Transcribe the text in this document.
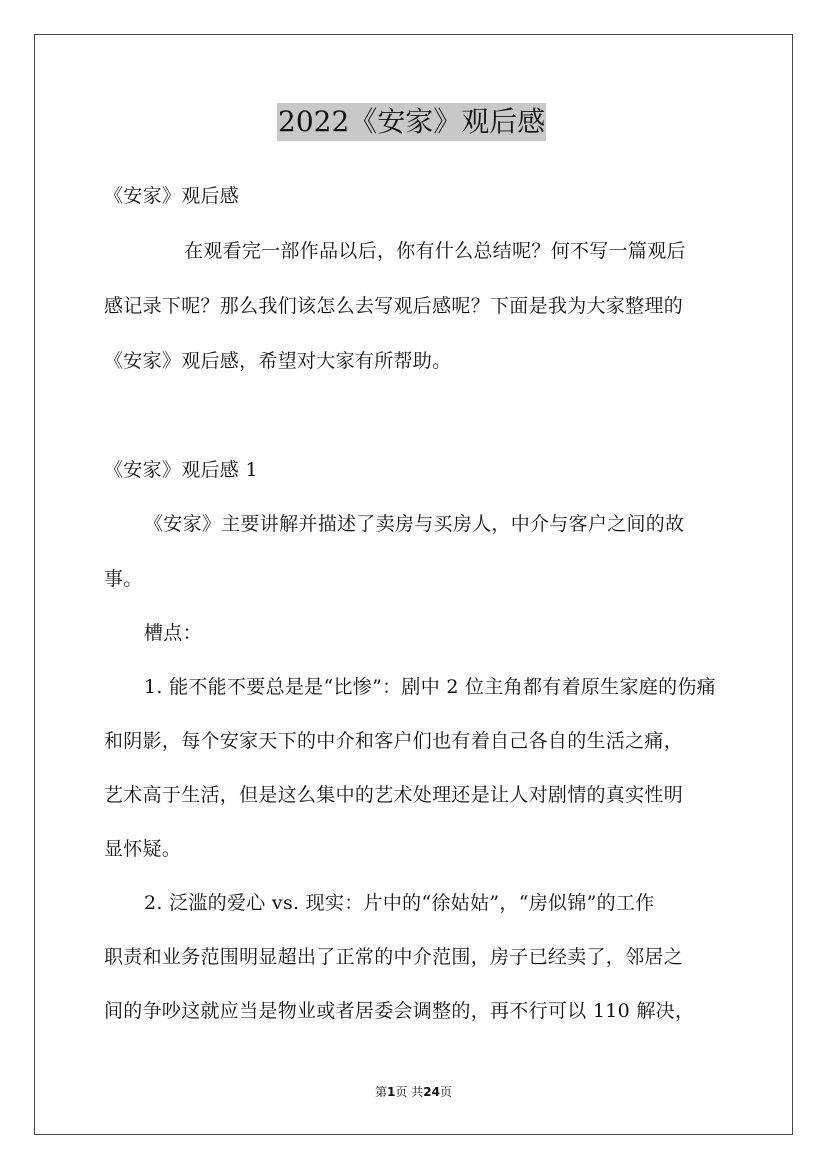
2022《安家》观后感
《安家》观后感
在观看完一部作品以后，你有什么总结呢？何不写一篇观后
感记录下呢？那么我们该怎么去写观后感呢？下面是我为大家整理的
《安家》观后感，希望对大家有所帮助。
《安家》观后感 1
《安家》主要讲解并描述了卖房与买房人，中介与客户之间的故
事。
槽点：
1. 能不能不要总是是“比惨”：剧中 2 位主角都有着原生家庭的伤痛
和阴影，每个安家天下的中介和客户们也有着自己各自的生活之痛，
艺术高于生活，但是这么集中的艺术处理还是让人对剧情的真实性明
显怀疑。
2. 泛滥的爱心 vs. 现实：片中的“徐姑姑”，“房似锦”的工作
职责和业务范围明显超出了正常的中介范围，房子已经卖了，邻居之
间的争吵这就应当是物业或者居委会调整的，再不行可以 110 解决，
第1页 共24页
